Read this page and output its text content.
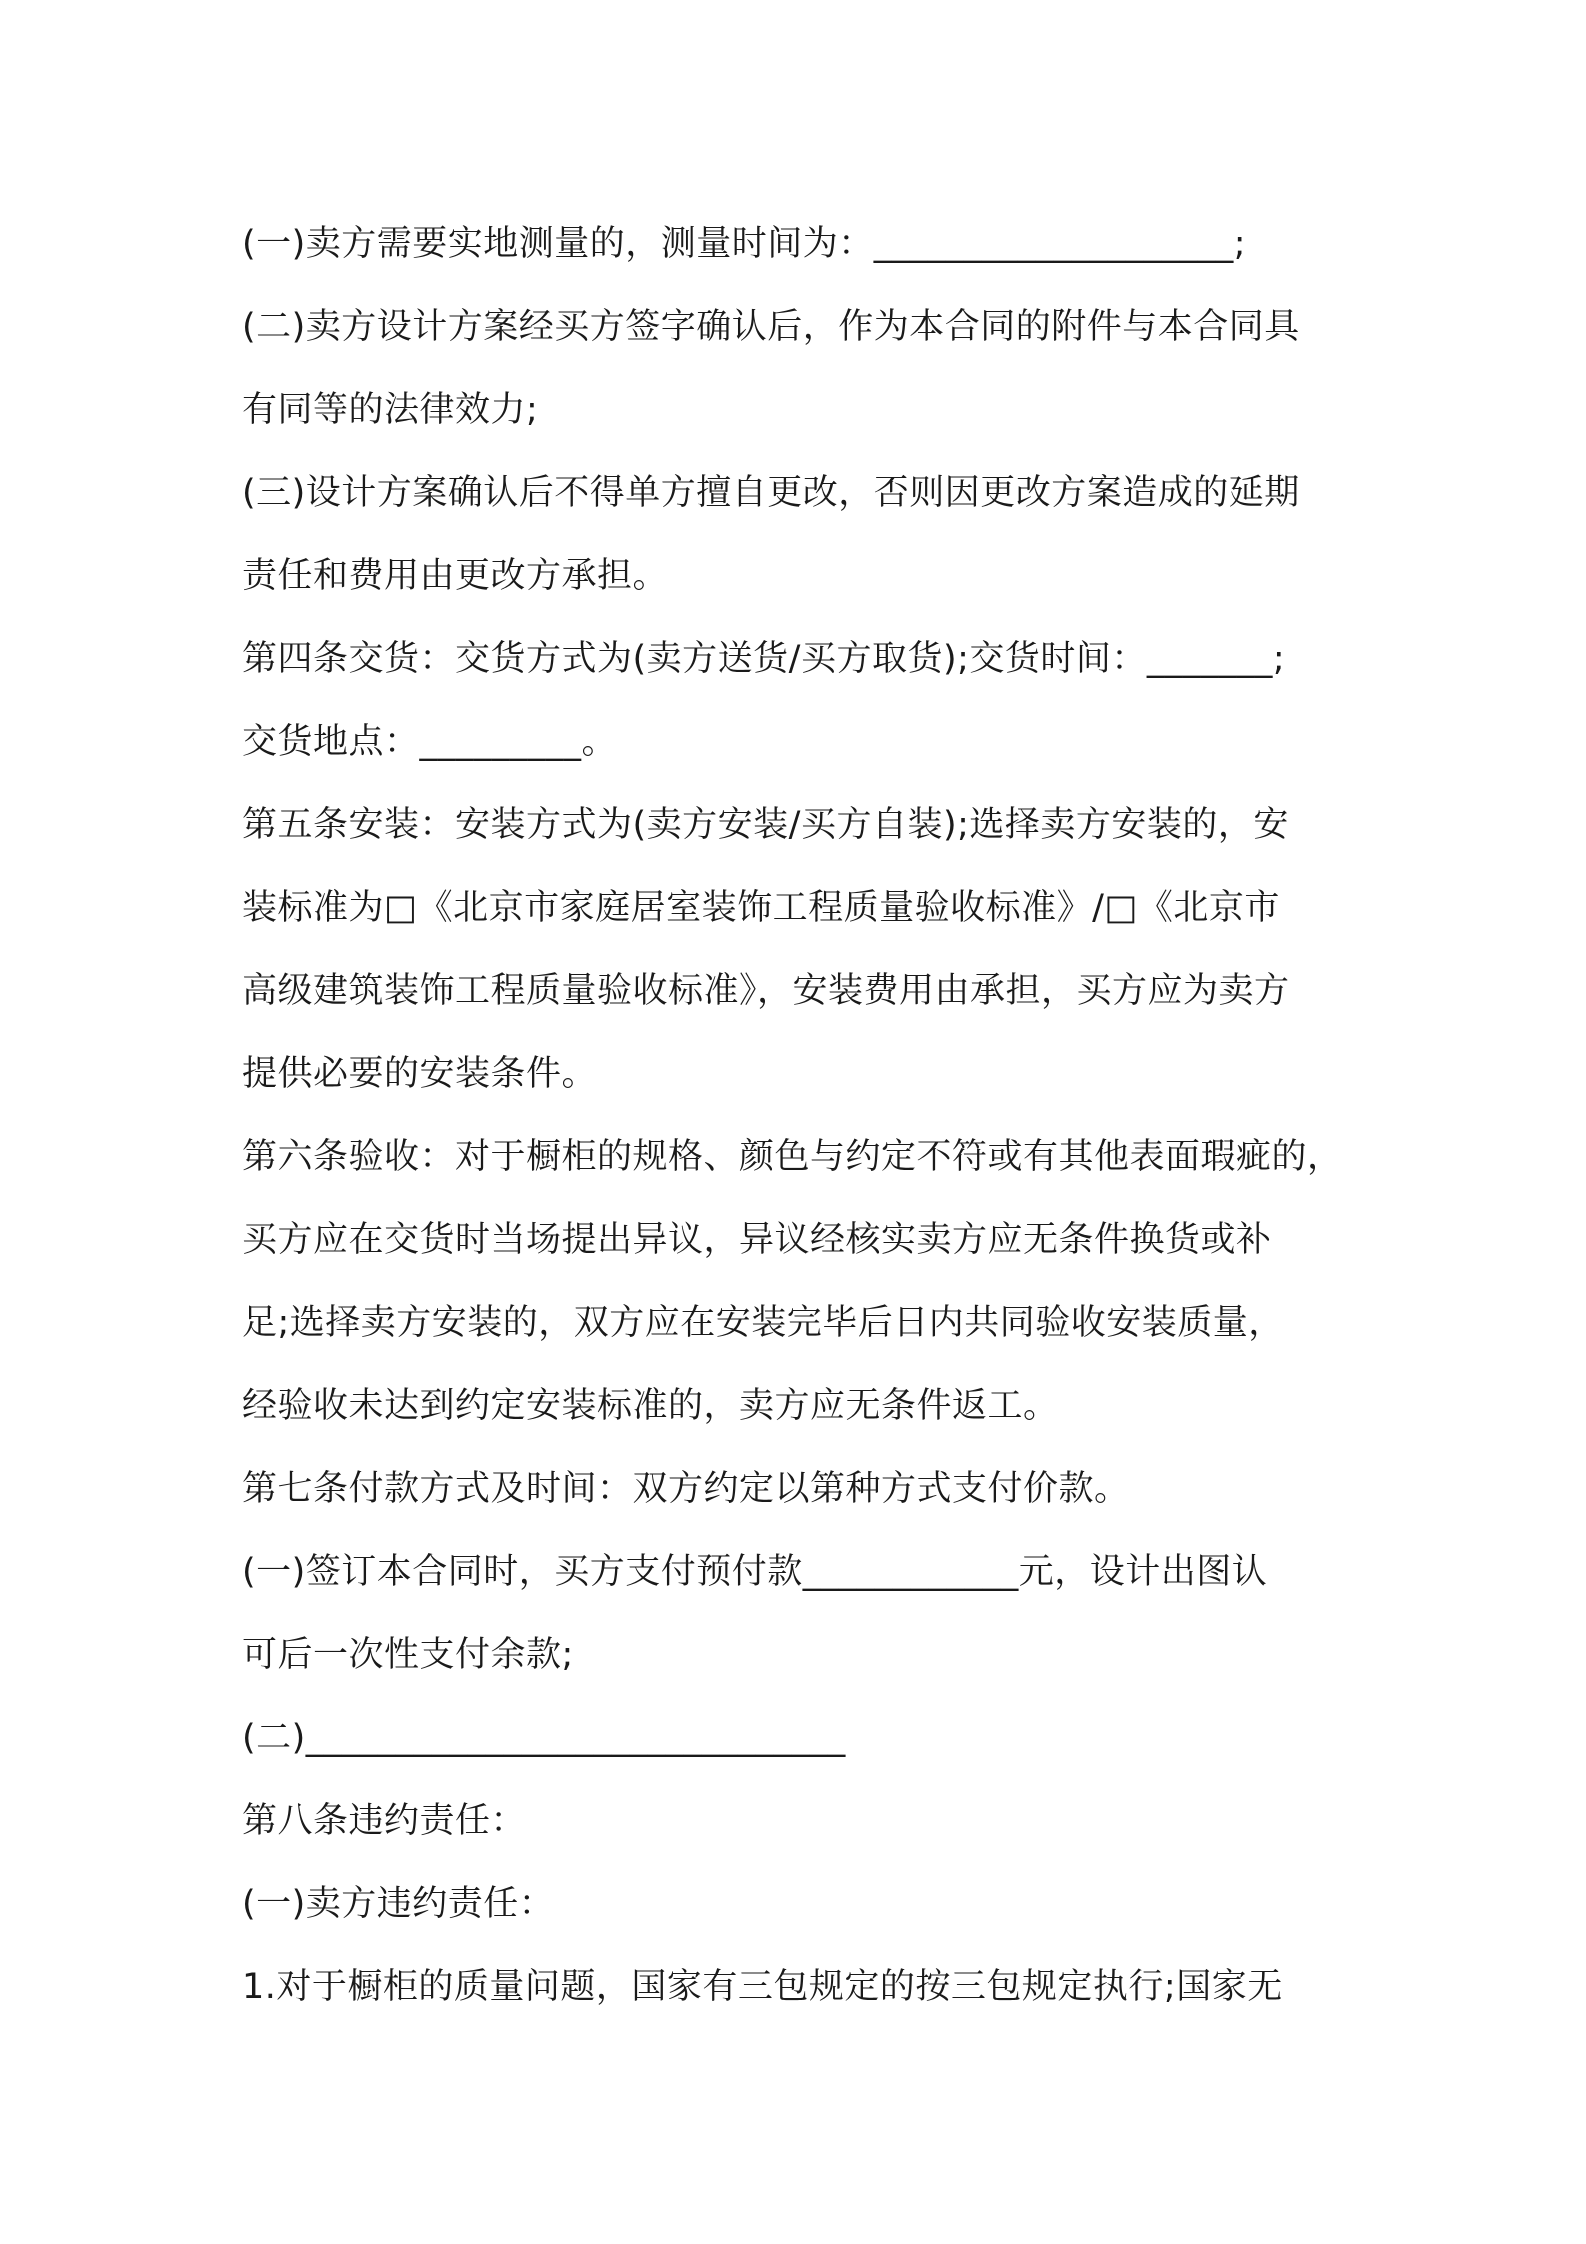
(一)卖方需要实地测量的，测量时间为：____________________;
(二)卖方设计方案经买方签字确认后，作为本合同的附件与本合同具
有同等的法律效力;
(三)设计方案确认后不得单方擅自更改，否则因更改方案造成的延期
责任和费用由更改方承担。
第四条交货：交货方式为(卖方送货/买方取货);交货时间：_______;
交货地点：_________。
第五条安装：安装方式为(卖方安装/买方自装);选择卖方安装的，安
装标准为□《北京市家庭居室装饰工程质量验收标准》/□《北京市
高级建筑装饰工程质量验收标准》，安装费用由承担，买方应为卖方
提供必要的安装条件。
第六条验收：对于橱柜的规格、颜色与约定不符或有其他表面瑕疵的，
买方应在交货时当场提出异议，异议经核实卖方应无条件换货或补
足;选择卖方安装的，双方应在安装完毕后日内共同验收安装质量，
经验收未达到约定安装标准的，卖方应无条件返工。
第七条付款方式及时间：双方约定以第种方式支付价款。
(一)签订本合同时，买方支付预付款____________元，设计出图认
可后一次性支付余款;
(二)______________________________
第八条违约责任：
(一)卖方违约责任：
1.对于橱柜的质量问题，国家有三包规定的按三包规定执行;国家无
